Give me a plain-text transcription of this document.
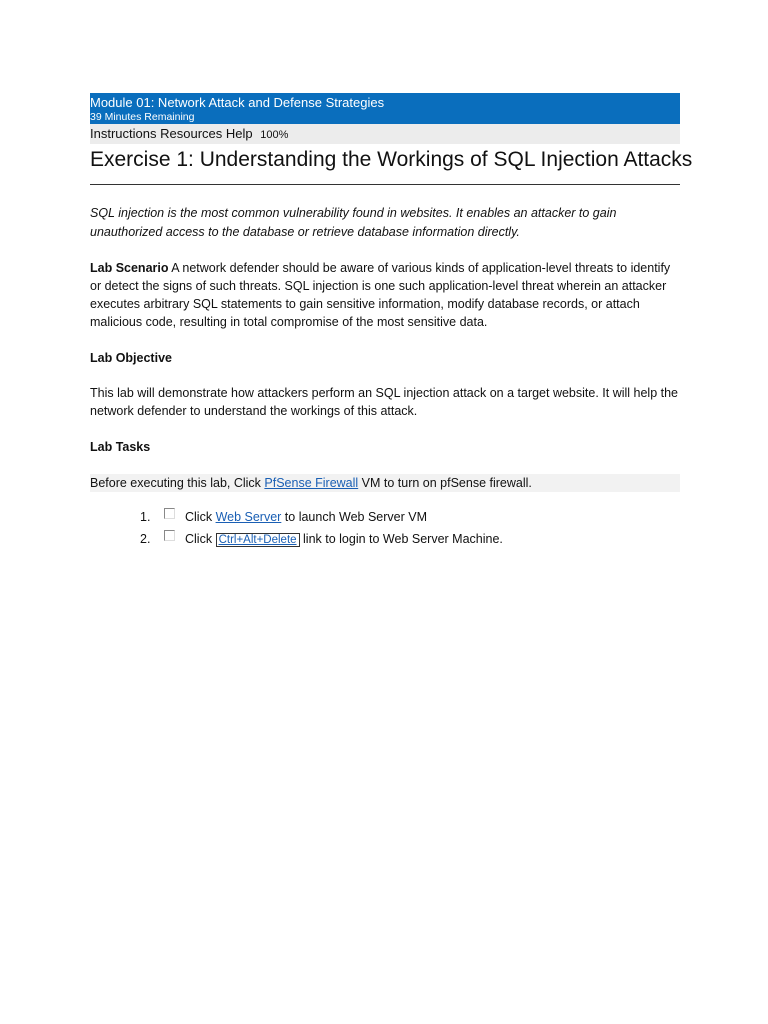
Module 01: Network Attack and Defense Strategies
39 Minutes Remaining
Instructions Resources Help 100%
Exercise 1: Understanding the Workings of SQL Injection Attacks

SQL injection is the most common vulnerability found in websites. It enables an attacker to gain unauthorized access to the database or retrieve database information directly.

Lab Scenario A network defender should be aware of various kinds of application-level threats to identify or detect the signs of such threats. SQL injection is one such application-level threat wherein an attacker executes arbitrary SQL statements to gain sensitive information, modify database records, or attach malicious code, resulting in total compromise of the most sensitive data.

Lab Objective

This lab will demonstrate how attackers perform an SQL injection attack on a target website. It will help the network defender to understand the workings of this attack.

Lab Tasks

Before executing this lab, Click PfSense Firewall VM to turn on pfSense firewall.

1.	Click Web Server to launch Web Server VM
2.	Click Ctrl+Alt+Delete link to login to Web Server Machine.
